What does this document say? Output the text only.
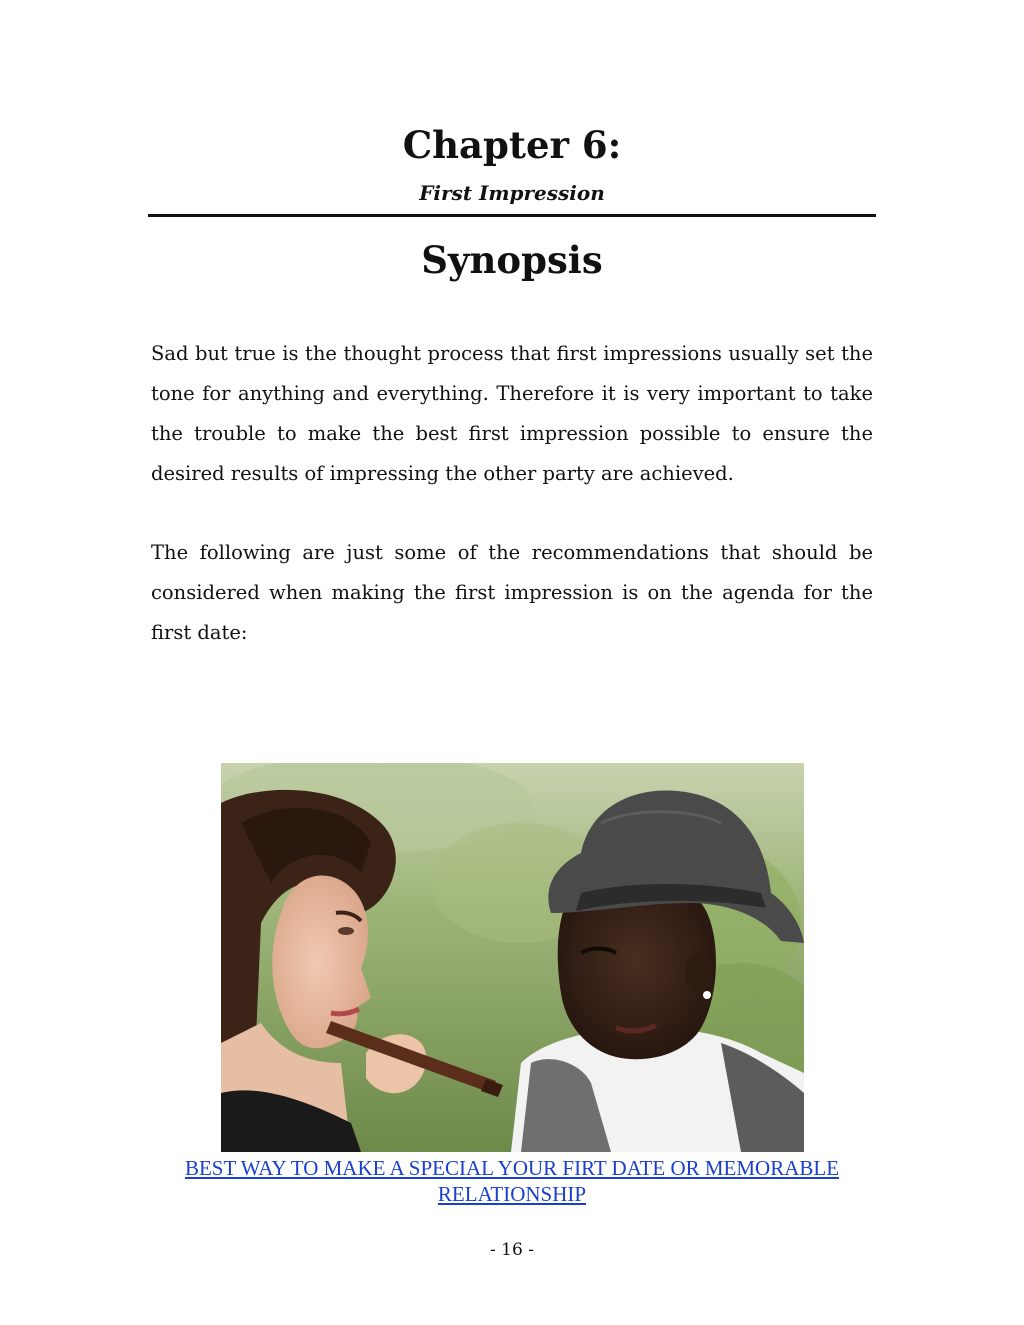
Chapter 6:
First Impression
Synopsis

Sad but true is the thought process that first impressions usually set the tone for anything and everything. Therefore it is very important to take the trouble to make the best first impression possible to ensure the desired results of impressing the other party are achieved.

The following are just some of the recommendations that should be considered when making the first impression is on the agenda for the first date:

BEST WAY TO MAKE A SPECIAL YOUR FIRT DATE OR MEMORABLE RELATIONSHIP
- 16 -
